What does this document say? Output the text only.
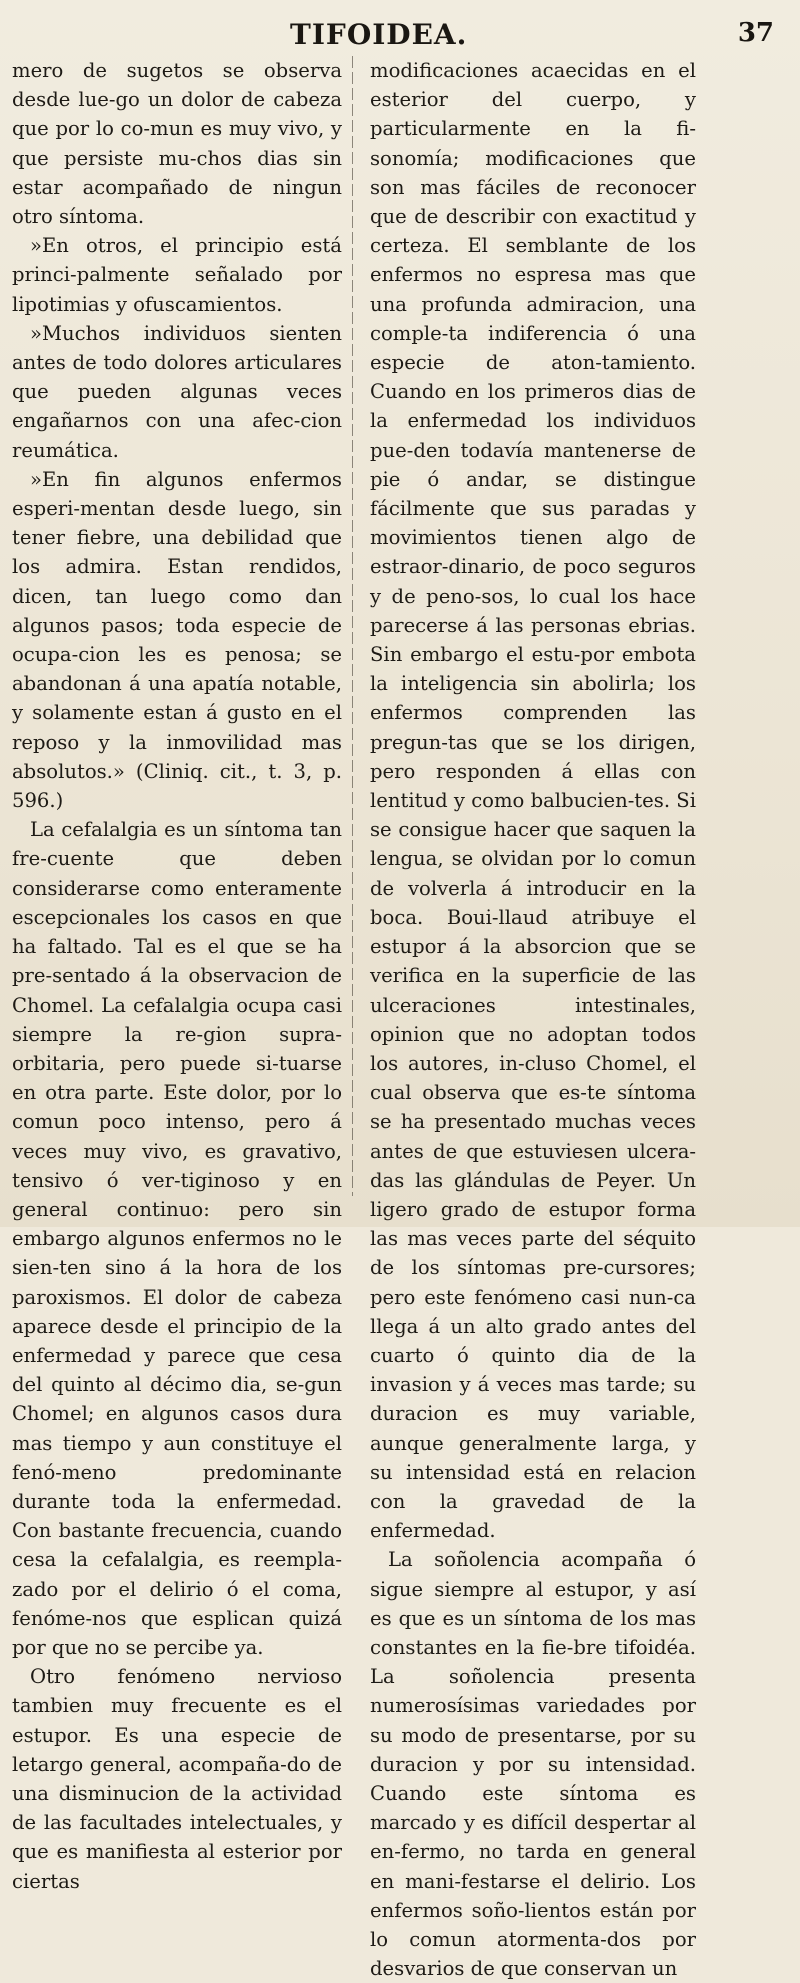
TIFOIDEA.	37

mero de sugetos se observa desde lue-go un dolor de cabeza que por lo co-mun es muy vivo, y que persiste mu-chos dias sin estar acompañado de ningun otro síntoma.

»En otros, el principio está princi-palmente señalado por lipotimias y ofuscamientos.

»Muchos individuos sienten antes de todo dolores articulares que pueden algunas veces engañarnos con una afec-cion reumática.

»En fin algunos enfermos esperi-mentan desde luego, sin tener fiebre, una debilidad que los admira. Estan rendidos, dicen, tan luego como dan algunos pasos; toda especie de ocupa-cion les es penosa; se abandonan á una apatía notable, y solamente estan á gusto en el reposo y la inmovilidad mas absolutos.» (Cliniq. cit., t. 3, p. 596.)

La cefalalgia es un síntoma tan fre-cuente que deben considerarse como enteramente escepcionales los casos en que ha faltado. Tal es el que se ha pre-sentado á la observacion de Chomel. La cefalalgia ocupa casi siempre la re-gion supra-orbitaria, pero puede si-tuarse en otra parte. Este dolor, por lo comun poco intenso, pero á veces muy vivo, es gravativo, tensivo ó ver-tiginoso y en general continuo: pero sin embargo algunos enfermos no le sien-ten sino á la hora de los paroxismos. El dolor de cabeza aparece desde el principio de la enfermedad y parece que cesa del quinto al décimo dia, se-gun Chomel; en algunos casos dura mas tiempo y aun constituye el fenó-meno predominante durante toda la enfermedad. Con bastante frecuencia, cuando cesa la cefalalgia, es reempla-zado por el delirio ó el coma, fenóme-nos que esplican quizá por que no se percibe ya.

Otro fenómeno nervioso tambien muy frecuente es el estupor. Es una especie de letargo general, acompaña-do de una disminucion de la actividad de las facultades intelectuales, y que es manifiesta al esterior por ciertas

modificaciones acaecidas en el esterior del cuerpo, y particularmente en la fi-sonomía; modificaciones que son mas fáciles de reconocer que de describir con exactitud y certeza. El semblante de los enfermos no espresa mas que una profunda admiracion, una comple-ta indiferencia ó una especie de aton-tamiento. Cuando en los primeros dias de la enfermedad los individuos pue-den todavía mantenerse de pie ó andar, se distingue fácilmente que sus paradas y movimientos tienen algo de estraor-dinario, de poco seguros y de peno-sos, lo cual los hace parecerse á las personas ebrias. Sin embargo el estu-por embota la inteligencia sin abolirla; los enfermos comprenden las pregun-tas que se los dirigen, pero responden á ellas con lentitud y como balbucien-tes. Si se consigue hacer que saquen la lengua, se olvidan por lo comun de volverla á introducir en la boca. Boui-llaud atribuye el estupor á la absorcion que se verifica en la superficie de las ulceraciones intestinales, opinion que no adoptan todos los autores, in-cluso Chomel, el cual observa que es-te síntoma se ha presentado muchas veces antes de que estuviesen ulcera-das las glándulas de Peyer. Un ligero grado de estupor forma las mas veces parte del séquito de los síntomas pre-cursores; pero este fenómeno casi nun-ca llega á un alto grado antes del cuarto ó quinto dia de la invasion y á veces mas tarde; su duracion es muy variable, aunque generalmente larga, y su intensidad está en relacion con la gravedad de la enfermedad.

La soñolencia acompaña ó sigue siempre al estupor, y así es que es un síntoma de los mas constantes en la fie-bre tifoidéa. La soñolencia presenta numerosísimas variedades por su modo de presentarse, por su duracion y por su intensidad. Cuando este síntoma es marcado y es difícil despertar al en-fermo, no tarda en general en mani-festarse el delirio. Los enfermos soño-lientos están por lo comun atormenta-dos por desvarios de que conservan un
